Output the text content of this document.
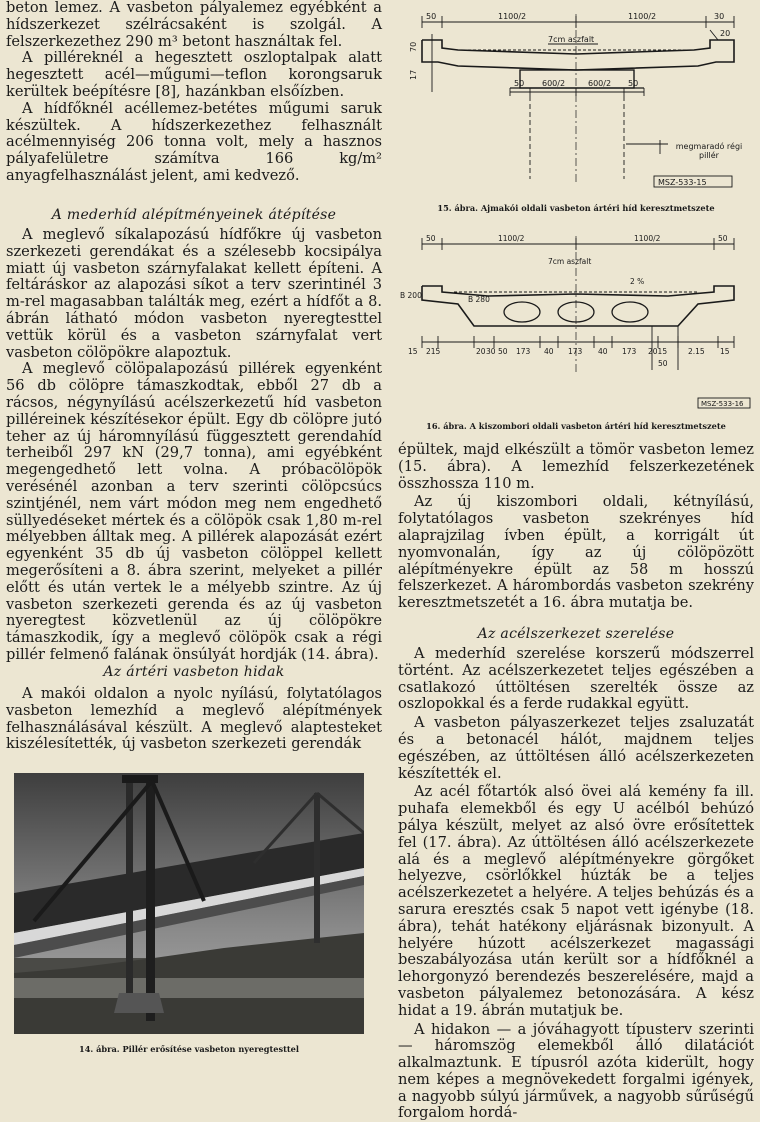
beton lemez. A vasbeton pályalemez egyébként a hídszerkezet szélrácsaként is szolgál. A felszerkezethez 290 m³ betont használtak fel.

A pilléreknél a hegesztett oszloptalpak alatt hegesztett acél—műgumi—teflon korongsaruk kerültek beépítésre [8], hazánkban elsőízben.

A hídfőknél acéllemez-betétes műgumi saruk készültek. A hídszerkezethez felhasznált acélmennyiség 206 tonna volt, mely a hasznos pályafelületre számítva 166 kg/m² anyagfelhasználást jelent, ami kedvező.

A mederhíd alépítményeinek átépítése

A meglevő síkalapozású hídfőkre új vasbeton szerkezeti gerendákat és a szélesebb kocsipálya miatt új vasbeton szárnyfalakat kellett építeni. A feltáráskor az alapozási síkot a terv szerintinél 3 m-rel magasabban találták meg, ezért a hídfőt a 8. ábrán látható módon vasbeton nyeregtesttel vettük körül és a vasbeton szárnyfalat vert vasbeton cölöpökre alapoztuk.

A meglevő cölöpalapozású pillérek egyenként 56 db cölöpre támaszkodtak, ebből 27 db a rácsos, négynyílású acélszerkezetű híd vasbeton pilléreinek készítésekor épült. Egy db cölöpre jutó teher az új háromnyílású függesztett gerendahíd terheiből 297 kN (29,7 tonna), ami egyébként megengedhető lett volna. A próbacölöpök verésénél azonban a terv szerinti cölöpcsúcs szintjénél, nem várt módon meg nem engedhető süllyedéseket mértek és a cölöpök csak 1,80 m-rel mélyebben álltak meg. A pillérek alapozását ezért egyenként 35 db új vasbeton cölöppel kellett megerősíteni a 8. ábra szerint, melyeket a pillér előtt és után vertek le a mélyebb szintre. Az új vasbeton szerkezeti gerenda és az új vasbeton nyeregtest közvetlenül az új cölöpökre támaszkodik, így a meglevő cölöpök csak a régi pillér felmenő falának önsúlyát hordják (14. ábra).

Az ártéri vasbeton hidak

A makói oldalon a nyolc nyílású, folytatólagos vasbeton lemezhíd a meglevő alépítmények felhasználásával készült. A meglevő alaptesteket kiszélesítették, új vasbeton szerkezeti gerendák

14. ábra. Pillér erősítése vasbeton nyeregtesttel

50	1100/2	1100/2	30
7cm aszfalt
20
70
17
50 600/2	600/2 50
megmaradó régi pillér
MSZ-533-15

15. ábra. Ajmakói oldali vasbeton ártéri híd keresztmetszete

50	1100/2	1100/2	50
7cm aszfalt
2 %
B 200	B 280
15 215	20 30 50 173 40 173 40 173 2015	2.15 15
50
MSZ-533-16

16. ábra. A kiszombori oldali vasbeton ártéri híd keresztmetszete

épültek, majd elkészült a tömör vasbeton lemez (15. ábra). A lemezhíd felszerkezetének összhossza 110 m.

Az új kiszombori oldali, kétnyílású, folytatólagos vasbeton szekrényes híd alaprajzilag ívben épült, a korrigált út nyomvonalán, így az új cölöpözött alépítményekre épült az 58 m hosszú felszerkezet. A hárombordás vasbeton szekrény keresztmetszetét a 16. ábra mutatja be.

Az acélszerkezet szerelése

A mederhíd szerelése korszerű módszerrel történt. Az acélszerkezetet teljes egészében a csatlakozó úttöltésen szerelték össze az oszlopokkal és a ferde rudakkal együtt.

A vasbeton pályaszerkezet teljes zsaluzatát és a betonacél hálót, majdnem teljes egészében, az úttöltésen álló acélszerkezeten készítették el.

Az acél főtartók alsó övei alá kemény fa ill. puhafa elemekből és egy U acélból behúzó pálya készült, melyet az alsó övre erősítettek fel (17. ábra). Az úttöltésen álló acélszerkezete alá és a meglevő alépítményekre görgőket helyezve, csörlőkkel húzták be a teljes acélszerkezetet a helyére. A teljes behúzás és a sarura eresztés csak 5 napot vett igénybe (18. ábra), tehát hatékony eljárásnak bizonyult. A helyére húzott acélszerkezet magassági beszabályozása után került sor a hídfőknél a lehorgonyzó berendezés beszerelésére, majd a vasbeton pályalemez betonozására. A kész hidat a 19. ábrán mutatjuk be.

A hidakon — a jóváhagyott típusterv szerinti — háromszög elemekből álló dilatációt alkalmaztunk. E típusról azóta kiderült, hogy nem képes a megnövekedett forgalmi igények, a nagyobb súlyú járművek, a nagyobb sűrűségű forgalom hordá-
